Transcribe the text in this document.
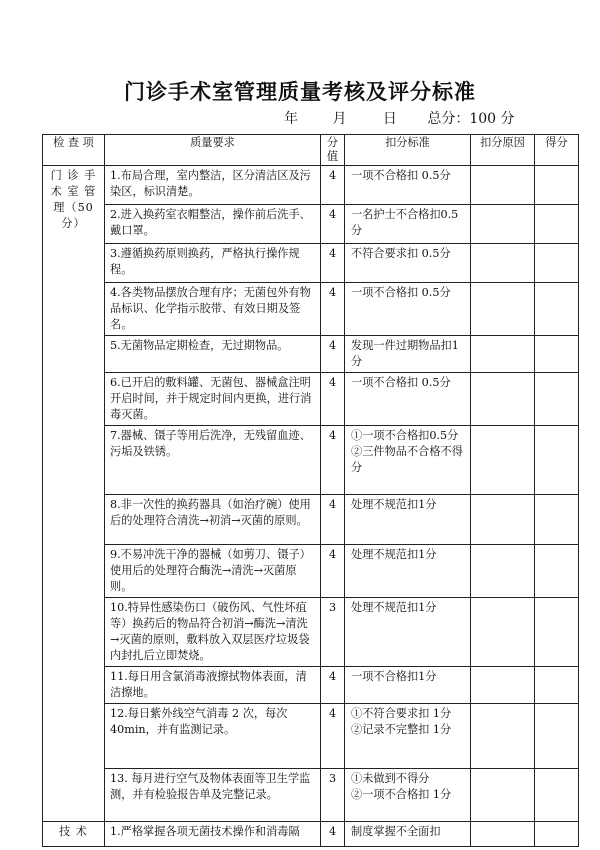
门诊手术室管理质量考核及评分标准
年 月	日 总分：100 分
检 查 项	质量要求	分值	扣分标准	扣分原因	得分
门 诊 手 术 室 管 理（50分）	1.布局合理，室内整洁，区分清洁区及污染区，标识清楚。	4	一项不合格扣 0.5分		

	2.进入换药室衣帽整洁，操作前后洗手、戴口罩。	4	一名护士不合格扣0.5分		

	3.遵循换药原则换药，严格执行操作规程。	4	不符合要求扣 0.5分		

	4.各类物品摆放合理有序；无菌包外有物品标识、化学指示胶带、有效日期及签名。	4	一项不合格扣 0.5分		

	5.无菌物品定期检查，无过期物品。	4	发现一件过期物品扣1分		

	6.已开启的敷料罐、无菌包、器械盒注明开启时间，并于规定时间内更换，进行消毒灭菌。	4	一项不合格扣 0.5分		

	7.器械、镊子等用后洗净，无残留血迹、污垢及铁锈。	4	①一项不合格扣0.5分
②三件物品不合格不得分		

	8.非一次性的换药器具（如治疗碗）使用后的处理符合清洗→初消→灭菌的原则。	4	处理不规范扣1分		

	9.不易冲洗干净的器械（如剪刀、镊子）使用后的处理符合酶洗→清洗→灭菌原则。	4	处理不规范扣1分		

	10.特异性感染伤口（破伤风、气性坏疽等）换药后的物品符合初消→酶洗→清洗→灭菌的原则，敷料放入双层医疗垃圾袋内封扎后立即焚烧。	3	处理不规范扣1分		

	11.每日用含氯消毒液擦拭物体表面，清洁擦地。	4	一项不合格扣1分		

	12.每日紫外线空气消毒 2 次，每次40min，并有监测记录。	4	①不符合要求扣 1分
②记录不完整扣 1分		

	13. 每月进行空气及物体表面等卫生学监测，并有检验报告单及完整记录。	3	①未做到不得分
②一项不合格扣 1分		

技 术	1.严格掌握各项无菌技术操作和消毒隔	4	制度掌握不全面扣		
